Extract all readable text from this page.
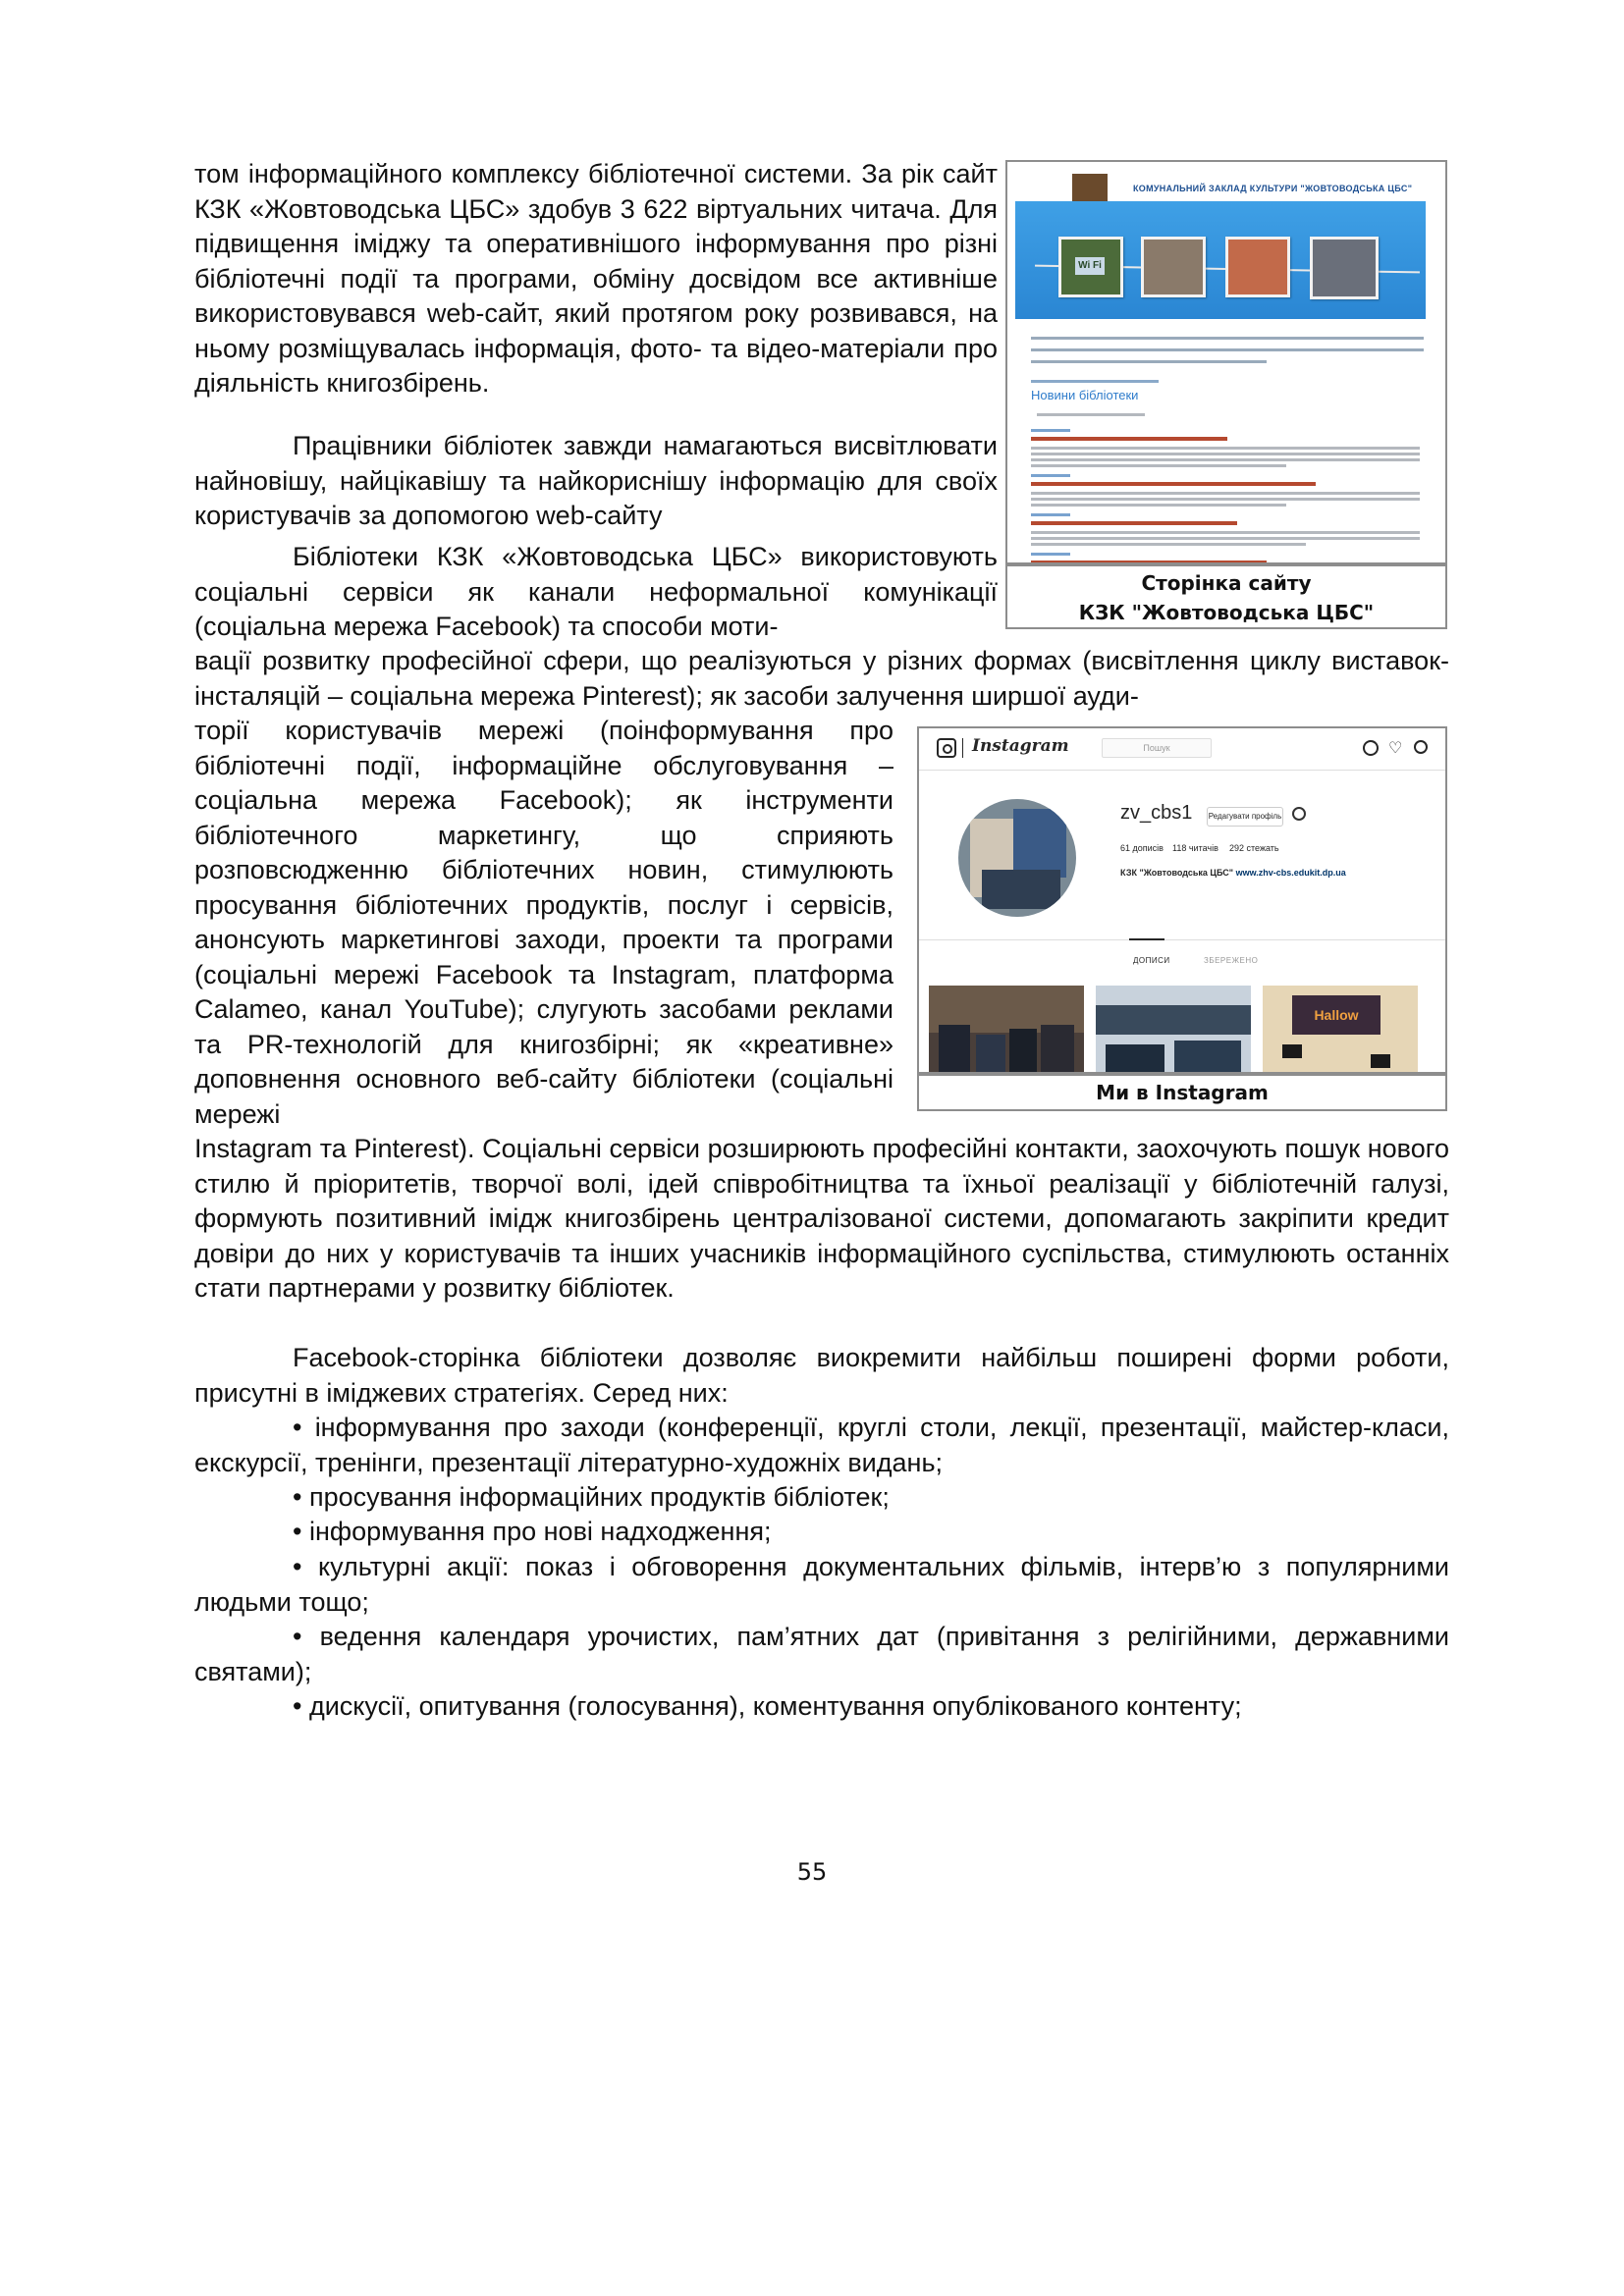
том інформаційного комплексу бібліотечної системи. За рік сайт КЗК «Жовтоводська ЦБС» здобув 3 622 віртуальних читача. Для підвищення іміджу та оперативнішого інформування про різні бібліотечні події та програми, обміну досвідом все активніше використовувався web-сайт, який протягом року розвивався, на ньому розміщувалась інформація, фото- та відео-матеріали про діяльність книгозбірень.
Працівники бібліотек завжди намагаються висвітлювати найновішу, найцікавішу та найкориснішу інформацію для своїх користувачів за допомогою web-сайту
Бібліотеки КЗК «Жовтоводська ЦБС» використовують соціальні сервіси як канали неформальної комунікації (соціальна мережа Facebook) та способи моти-
вації розвитку професійної сфери, що реалізуються у різних формах (висвітлення циклу виставок-інсталяцій – соціальна мережа Pinterest); як засоби залучення ширшої ауди-
торії користувачів мережі (поінформування про бібліотечні події, інформаційне обслуговування – соціальна мережа Facebook); як інструменти бібліотечного маркетингу, що сприяють розповсюдженню бібліотечних новин, стимулюють просування бібліотечних продуктів, послуг і сервісів, анонсують маркетингові заходи, проекти та програми (соціальні мережі Facebook та Instagram, платформа Calameo, канал YouTube); слугують засобами реклами та PR-технологій для книгозбірні; як «креативне» доповнення основного веб-сайту бібліотеки (соціальні мережі
Instagram та Pinterest). Соціальні сервіси розширюють професійні контакти, заохочують пошук нового стилю й пріоритетів, творчої волі, ідей співробітництва та їхньої реалізації у бібліотечній галузі, формують позитивний імідж книгозбірень централізованої системи, допомагають закріпити кредит довіри до них у користувачів та інших учасників інформаційного суспільства, стимулюють останніх стати партнерами у розвитку бібліотек.
Facebook-сторінка бібліотеки дозволяє виокремити найбільш поширені форми роботи, присутні в іміджевих стратегіях. Серед них:
• інформування про заходи (конференції, круглі столи, лекції, презентації, майстер-класи, екскурсії, тренінги, презентації літературно-художніх видань;
• просування інформаційних продуктів бібліотек;
• інформування про нові надходження;
• культурні акції: показ і обговорення документальних фільмів, інтерв’ю з популярними людьми тощо;
• ведення календаря урочистих, пам’ятних дат (привітання з релігійними, державними святами);
• дискусії, опитування (голосування), коментування опублікованого контенту;
КОМУНАЛЬНИЙ ЗАКЛАД КУЛЬТУРИ "ЖОВТОВОДСЬКА ЦБС"
Wi Fi
Новини бібліотеки
Сторінка сайту
КЗК "Жовтоводська ЦБС"
Instagram	Пошук	♡
zv_cbs1 Редагувати профіль
61 дописів 118 читачів 292 стежать
КЗК "Жовтоводська ЦБС" www.zhv-cbs.edukit.dp.ua
ДОПИСИ	ЗБЕРЕЖЕНО
Hallow
Ми в Instagram
55
